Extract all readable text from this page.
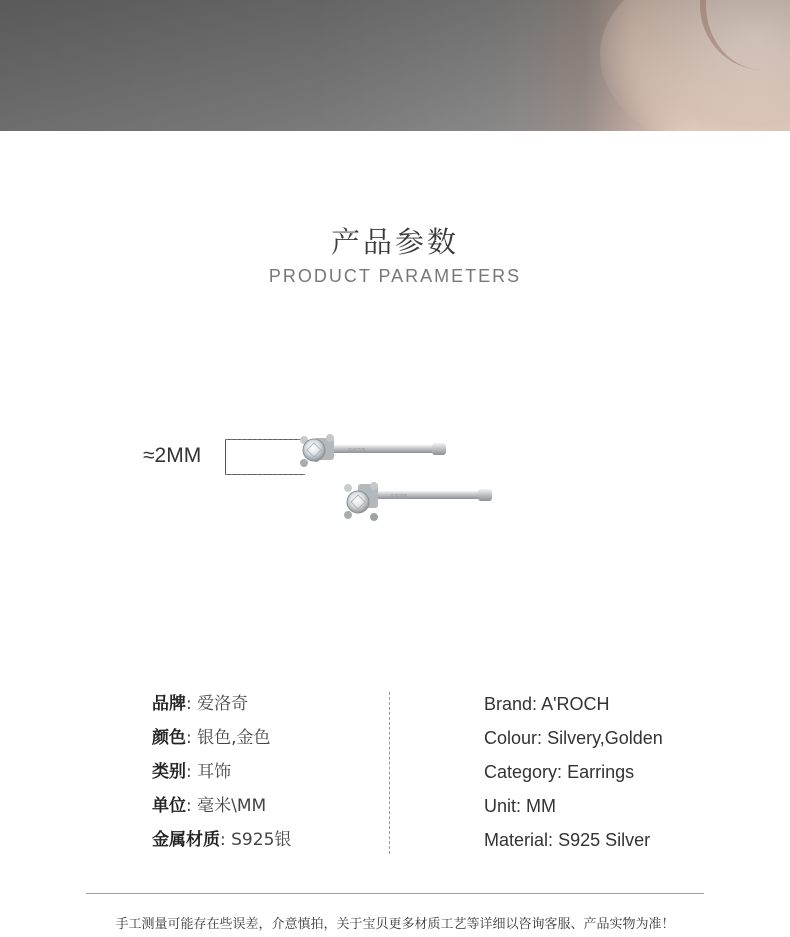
产品参数
PRODUCT PARAMETERS
≈2MM	S925
S925
品牌: 爱洛奇
颜色: 银色,金色
类别: 耳饰
单位: 毫米\MM
金属材质: S925银
Brand: A'ROCH
Colour: Silvery,Golden
Category: Earrings
Unit: MM
Material: S925 Silver
手工测量可能存在些误差，介意慎拍，关于宝贝更多材质工艺等详细以咨询客服、产品实物为准！
